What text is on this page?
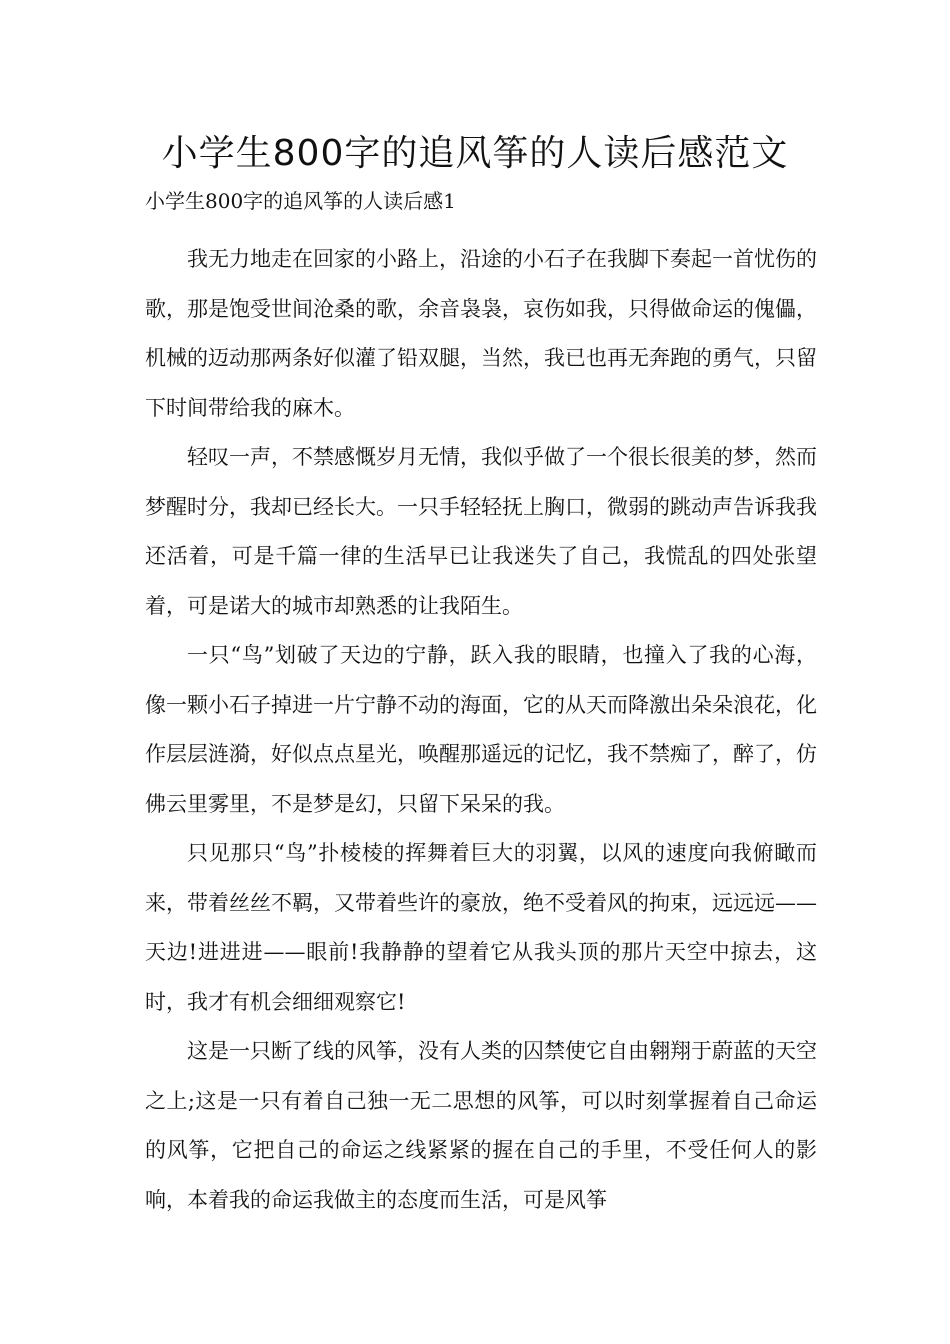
小学生800字的追风筝的人读后感范文
小学生800字的追风筝的人读后感1

我无力地走在回家的小路上，沿途的小石子在我脚下奏起一首忧伤的歌，那是饱受世间沧桑的歌，余音袅袅，哀伤如我，只得做命运的傀儡，机械的迈动那两条好似灌了铅双腿，当然，我已也再无奔跑的勇气，只留下时间带给我的麻木。

轻叹一声，不禁感慨岁月无情，我似乎做了一个很长很美的梦，然而梦醒时分，我却已经长大。一只手轻轻抚上胸口，微弱的跳动声告诉我我还活着，可是千篇一律的生活早已让我迷失了自己，我慌乱的四处张望着，可是诺大的城市却熟悉的让我陌生。

一只“鸟”划破了天边的宁静，跃入我的眼睛，也撞入了我的心海，像一颗小石子掉进一片宁静不动的海面，它的从天而降激出朵朵浪花，化作层层涟漪，好似点点星光，唤醒那遥远的记忆，我不禁痴了，醉了，仿佛云里雾里，不是梦是幻，只留下呆呆的我。

只见那只“鸟”扑棱棱的挥舞着巨大的羽翼，以风的速度向我俯瞰而来，带着丝丝不羁，又带着些许的豪放，绝不受着风的拘束，远远远——天边!进进进——眼前!我静静的望着它从我头顶的那片天空中掠去，这时，我才有机会细细观察它!

这是一只断了线的风筝，没有人类的囚禁使它自由翱翔于蔚蓝的天空之上;这是一只有着自己独一无二思想的风筝，可以时刻掌握着自己命运的风筝，它把自己的命运之线紧紧的握在自己的手里，不受任何人的影响，本着我的命运我做主的态度而生活，可是风筝
